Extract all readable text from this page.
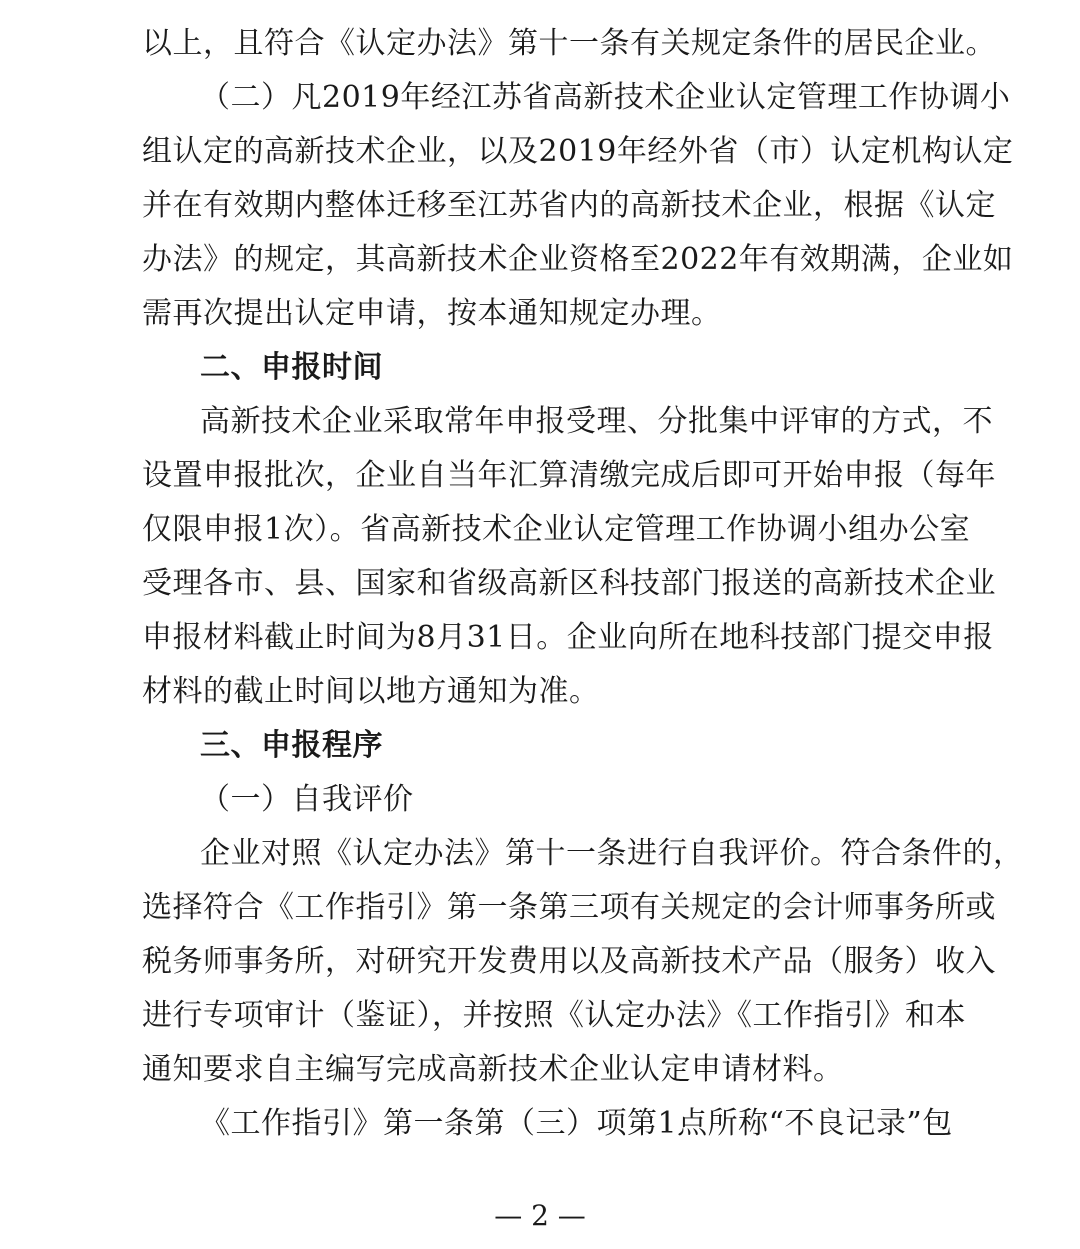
以上，且符合《认定办法》第十一条有关规定条件的居民企业。
（二）凡2019年经江苏省高新技术企业认定管理工作协调小
组认定的高新技术企业，以及2019年经外省（市）认定机构认定
并在有效期内整体迁移至江苏省内的高新技术企业，根据《认定
办法》的规定，其高新技术企业资格至2022年有效期满，企业如
需再次提出认定申请，按本通知规定办理。
二、申报时间
高新技术企业采取常年申报受理、分批集中评审的方式，不
设置申报批次，企业自当年汇算清缴完成后即可开始申报（每年
仅限申报1次）。省高新技术企业认定管理工作协调小组办公室
受理各市、县、国家和省级高新区科技部门报送的高新技术企业
申报材料截止时间为8月31日。企业向所在地科技部门提交申报
材料的截止时间以地方通知为准。
三、申报程序
（一）自我评价
企业对照《认定办法》第十一条进行自我评价。符合条件的，
选择符合《工作指引》第一条第三项有关规定的会计师事务所或
税务师事务所，对研究开发费用以及高新技术产品（服务）收入
进行专项审计（鉴证），并按照《认定办法》《工作指引》和本
通知要求自主编写完成高新技术企业认定申请材料。
《工作指引》第一条第（三）项第1点所称“不良记录”包
— 2 —
